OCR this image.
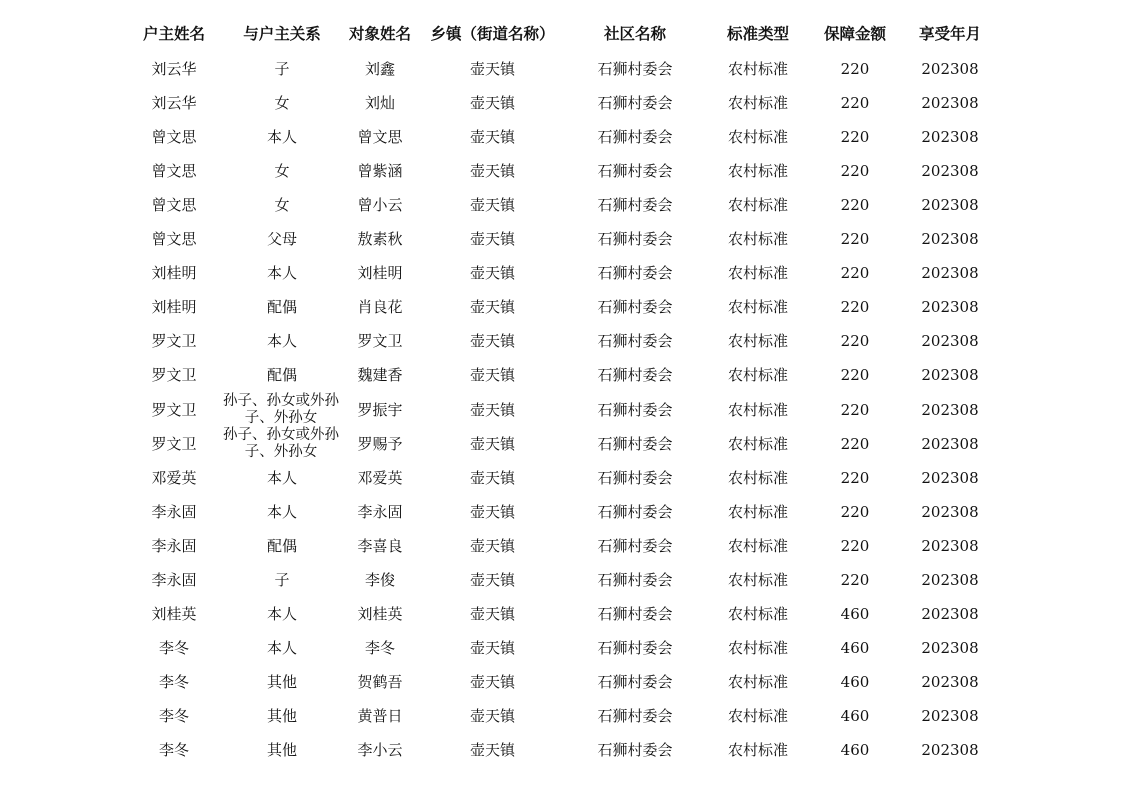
户主姓名	与户主关系	对象姓名	乡镇（街道名称）	社区名称	标准类型	保障金额	享受年月
刘云华	子	刘鑫	壶天镇	石狮村委会	农村标准	220	202308
刘云华	女	刘灿	壶天镇	石狮村委会	农村标准	220	202308
曾文思	本人	曾文思	壶天镇	石狮村委会	农村标准	220	202308
曾文思	女	曾紫涵	壶天镇	石狮村委会	农村标准	220	202308
曾文思	女	曾小云	壶天镇	石狮村委会	农村标准	220	202308
曾文思	父母	敖素秋	壶天镇	石狮村委会	农村标准	220	202308
刘桂明	本人	刘桂明	壶天镇	石狮村委会	农村标准	220	202308
刘桂明	配偶	肖良花	壶天镇	石狮村委会	农村标准	220	202308
罗文卫	本人	罗文卫	壶天镇	石狮村委会	农村标准	220	202308
罗文卫	配偶	魏建香	壶天镇	石狮村委会	农村标准	220	202308
罗文卫	孙子、孙女或外孙子、外孙女	罗振宇	壶天镇	石狮村委会	农村标准	220	202308
罗文卫	孙子、孙女或外孙子、外孙女	罗赐予	壶天镇	石狮村委会	农村标准	220	202308
邓爱英	本人	邓爱英	壶天镇	石狮村委会	农村标准	220	202308
李永固	本人	李永固	壶天镇	石狮村委会	农村标准	220	202308
李永固	配偶	李喜良	壶天镇	石狮村委会	农村标准	220	202308
李永固	子	李俊	壶天镇	石狮村委会	农村标准	220	202308
刘桂英	本人	刘桂英	壶天镇	石狮村委会	农村标准	460	202308
李冬	本人	李冬	壶天镇	石狮村委会	农村标准	460	202308
李冬	其他	贺鹤吾	壶天镇	石狮村委会	农村标准	460	202308
李冬	其他	黄普日	壶天镇	石狮村委会	农村标准	460	202308
李冬	其他	李小云	壶天镇	石狮村委会	农村标准	460	202308
